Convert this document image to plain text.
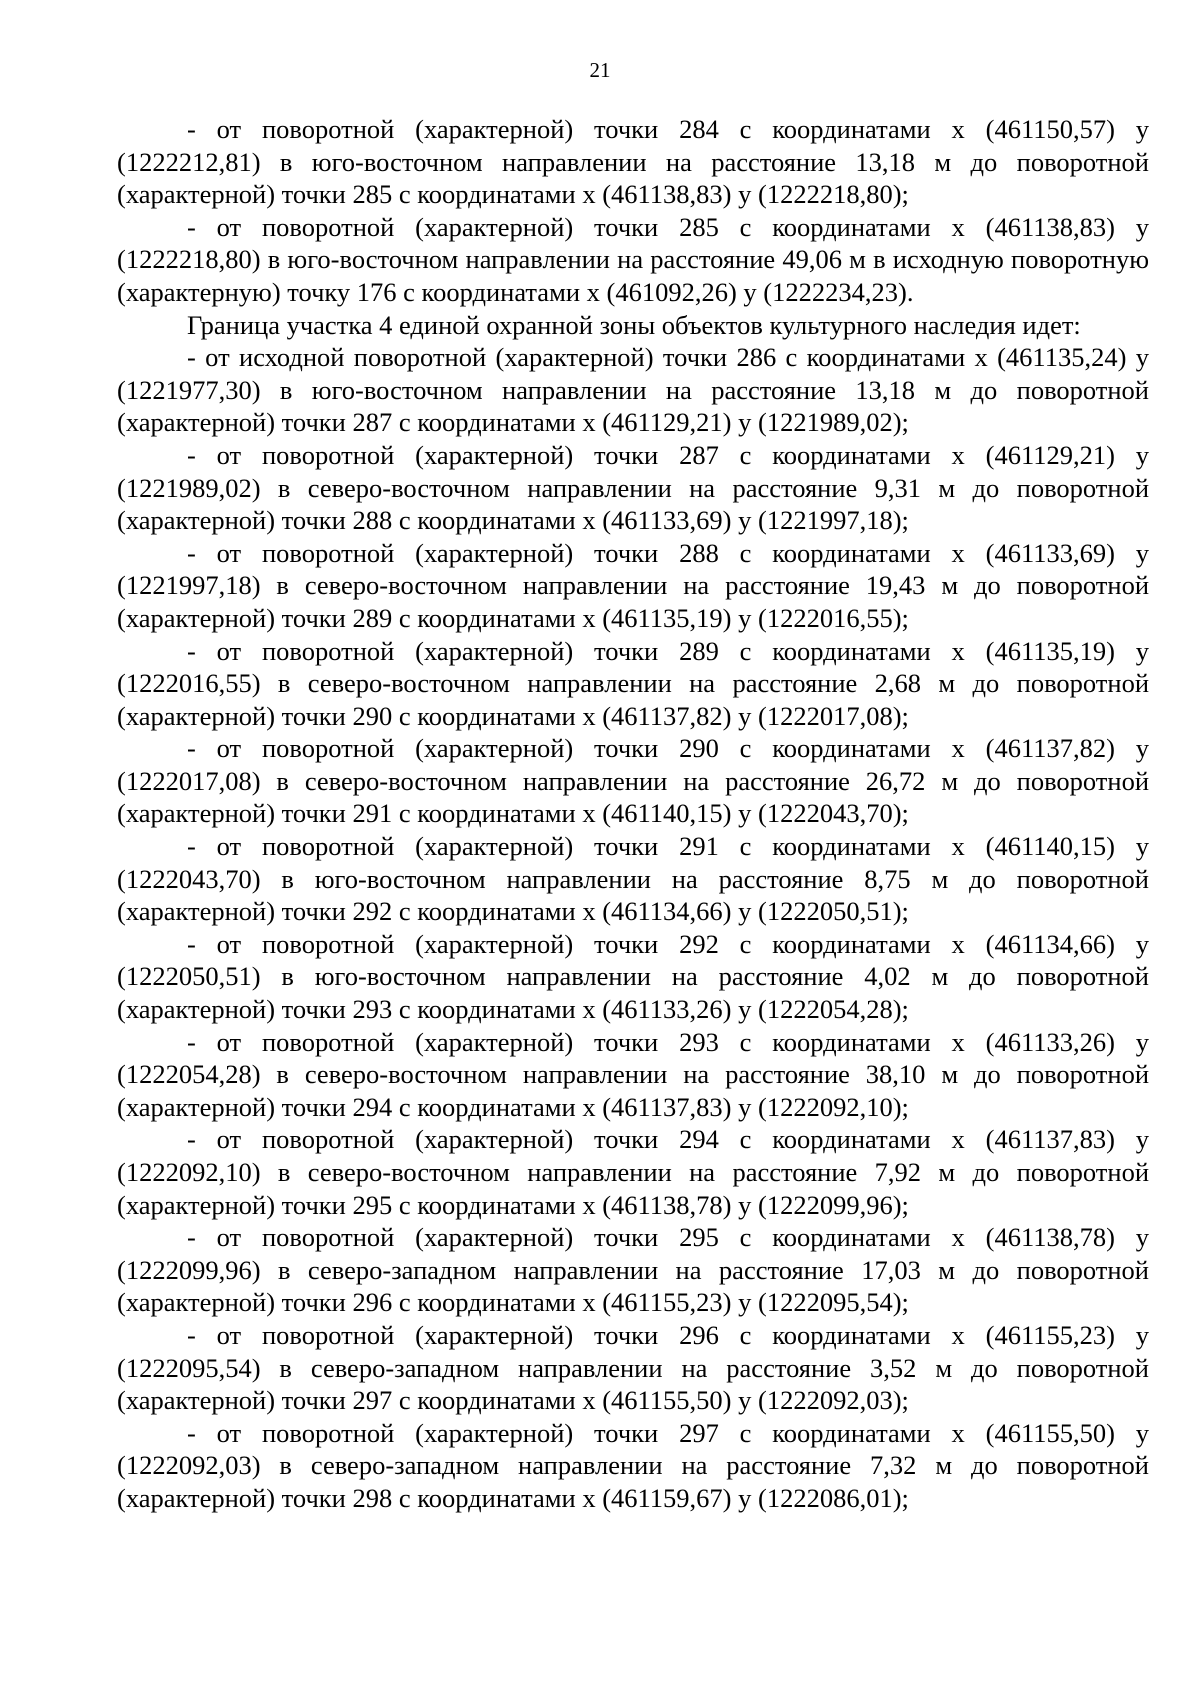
21

- от поворотной (характерной) точки 284 с координатами x (461150,57) y (1222212,81) в юго-восточном направлении на расстояние 13,18 м до поворотной (характерной) точки 285 с координатами x (461138,83) y (1222218,80);

- от поворотной (характерной) точки 285 с координатами x (461138,83) y (1222218,80) в юго-восточном направлении на расстояние 49,06 м в исходную поворотную (характерную) точку 176 с координатами x (461092,26) y (1222234,23).

Граница участка 4 единой охранной зоны объектов культурного наследия идет:

- от исходной поворотной (характерной) точки 286 с координатами x (461135,24) y (1221977,30) в юго-восточном направлении на расстояние 13,18 м до поворотной (характерной) точки 287 с координатами x (461129,21) y (1221989,02);

- от поворотной (характерной) точки 287 с координатами x (461129,21) y (1221989,02) в северо-восточном направлении на расстояние 9,31 м до поворотной (характерной) точки 288 с координатами x (461133,69) y (1221997,18);

- от поворотной (характерной) точки 288 с координатами x (461133,69) y (1221997,18) в северо-восточном направлении на расстояние 19,43 м до поворотной (характерной) точки 289 с координатами x (461135,19) y (1222016,55);

- от поворотной (характерной) точки 289 с координатами x (461135,19) y (1222016,55) в северо-восточном направлении на расстояние 2,68 м до поворотной (характерной) точки 290 с координатами x (461137,82) y (1222017,08);

- от поворотной (характерной) точки 290 с координатами x (461137,82) y (1222017,08) в северо-восточном направлении на расстояние 26,72 м до поворотной (характерной) точки 291 с координатами x (461140,15) y (1222043,70);

- от поворотной (характерной) точки 291 с координатами x (461140,15) y (1222043,70) в юго-восточном направлении на расстояние 8,75 м до поворотной (характерной) точки 292 с координатами x (461134,66) y (1222050,51);

- от поворотной (характерной) точки 292 с координатами x (461134,66) y (1222050,51) в юго-восточном направлении на расстояние 4,02 м до поворотной (характерной) точки 293 с координатами x (461133,26) y (1222054,28);

- от поворотной (характерной) точки 293 с координатами x (461133,26) y (1222054,28) в северо-восточном направлении на расстояние 38,10 м до поворотной (характерной) точки 294 с координатами x (461137,83) y (1222092,10);

- от поворотной (характерной) точки 294 с координатами x (461137,83) y (1222092,10) в северо-восточном направлении на расстояние 7,92 м до поворотной (характерной) точки 295 с координатами x (461138,78) y (1222099,96);

- от поворотной (характерной) точки 295 с координатами x (461138,78) y (1222099,96) в северо-западном направлении на расстояние 17,03 м до поворотной (характерной) точки 296 с координатами x (461155,23) y (1222095,54);

- от поворотной (характерной) точки 296 с координатами x (461155,23) y (1222095,54) в северо-западном направлении на расстояние 3,52 м до поворотной (характерной) точки 297 с координатами x (461155,50) y (1222092,03);

- от поворотной (характерной) точки 297 с координатами x (461155,50) y (1222092,03) в северо-западном направлении на расстояние 7,32 м до поворотной (характерной) точки 298 с координатами x (461159,67) y (1222086,01);
